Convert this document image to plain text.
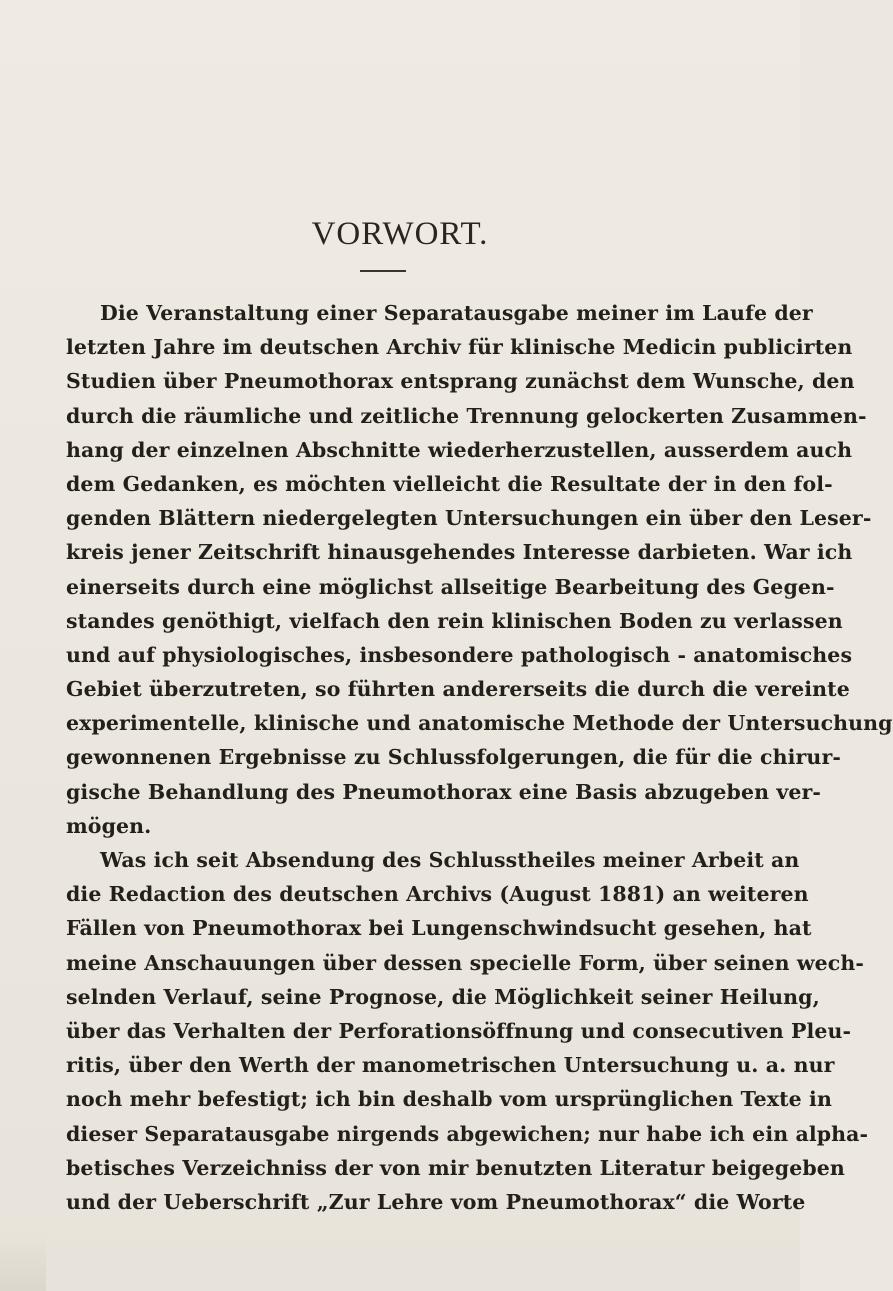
VORWORT.
Die Veranstaltung einer Separatausgabe meiner im Laufe der
letzten Jahre im deutschen Archiv für klinische Medicin publicirten
Studien über Pneumothorax entsprang zunächst dem Wunsche, den
durch die räumliche und zeitliche Trennung gelockerten Zusammen-
hang der einzelnen Abschnitte wiederherzustellen, ausserdem auch
dem Gedanken, es möchten vielleicht die Resultate der in den fol-
genden Blättern niedergelegten Untersuchungen ein über den Leser-
kreis jener Zeitschrift hinausgehendes Interesse darbieten. War ich
einerseits durch eine möglichst allseitige Bearbeitung des Gegen-
standes genöthigt, vielfach den rein klinischen Boden zu verlassen
und auf physiologisches, insbesondere pathologisch - anatomisches
Gebiet überzutreten, so führten andererseits die durch die vereinte
experimentelle, klinische und anatomische Methode der Untersuchung
gewonnenen Ergebnisse zu Schlussfolgerungen, die für die chirur-
gische Behandlung des Pneumothorax eine Basis abzugeben ver-
mögen.
Was ich seit Absendung des Schlusstheiles meiner Arbeit an
die Redaction des deutschen Archivs (August 1881) an weiteren
Fällen von Pneumothorax bei Lungenschwindsucht gesehen, hat
meine Anschauungen über dessen specielle Form, über seinen wech-
selnden Verlauf, seine Prognose, die Möglichkeit seiner Heilung,
über das Verhalten der Perforationsöffnung und consecutiven Pleu-
ritis, über den Werth der manometrischen Untersuchung u. a. nur
noch mehr befestigt; ich bin deshalb vom ursprünglichen Texte in
dieser Separatausgabe nirgends abgewichen; nur habe ich ein alpha-
betisches Verzeichniss der von mir benutzten Literatur beigegeben
und der Ueberschrift „Zur Lehre vom Pneumothorax“ die Worte
